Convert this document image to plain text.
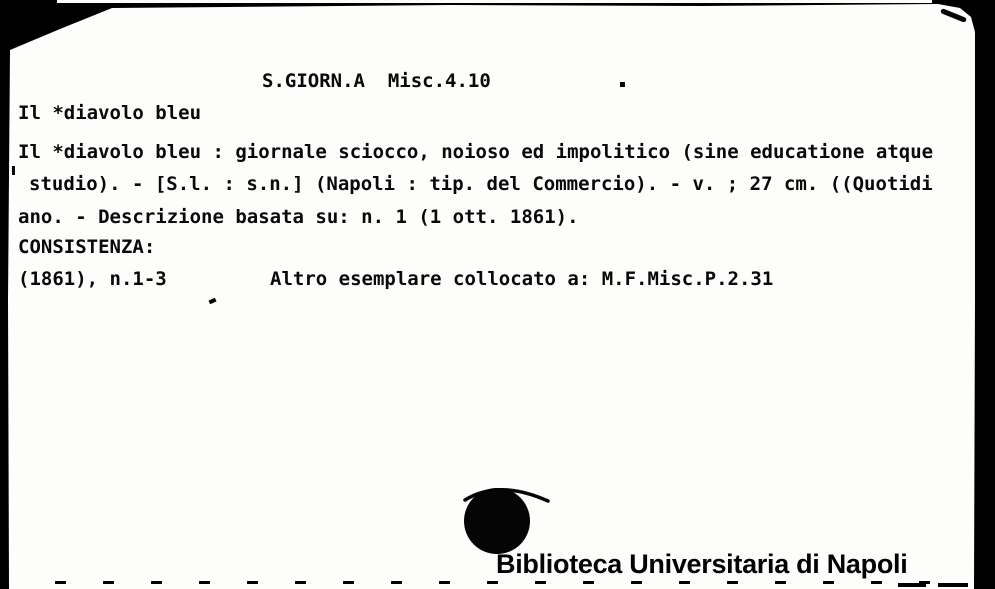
S.GIORN.A  Misc.4.10
Il *diavolo bleu
Il *diavolo bleu : giornale sciocco, noioso ed impolitico (sine educatione atque
studio). - [S.l. : s.n.] (Napoli : tip. del Commercio). - v. ; 27 cm. ((Quotidi
ano. - Descrizione basata su: n. 1 (1 ott. 1861).
CONSISTENZA:
(1861), n.1-3	Altro esemplare collocato a: M.F.Misc.P.2.31
Biblioteca Universitaria di Napoli
